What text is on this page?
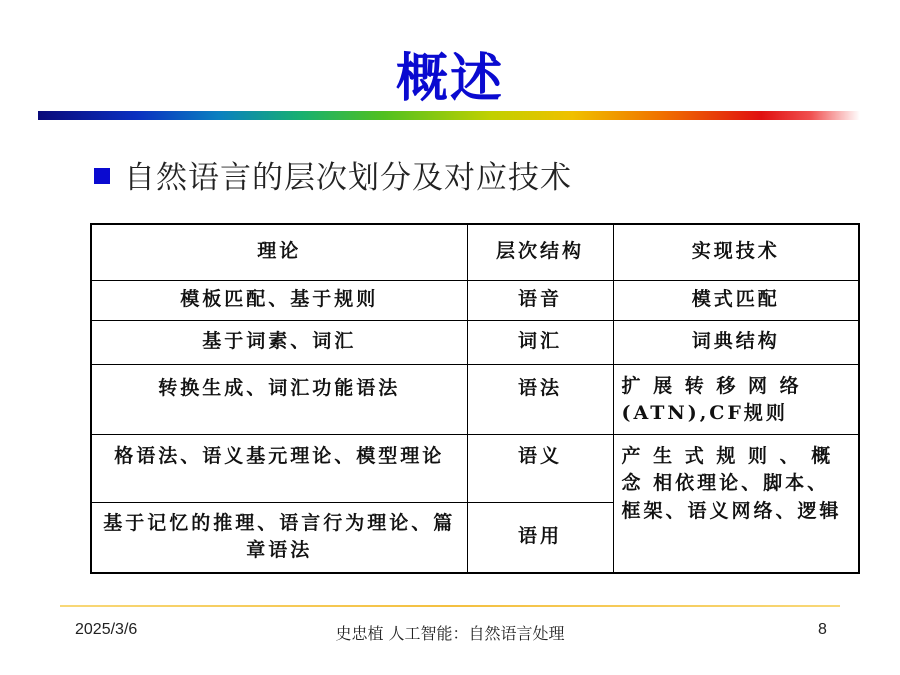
概述
自然语言的层次划分及对应技术
理论	层次结构	实现技术
模板匹配、基于规则	语音	模式匹配
基于词素、词汇	词汇	词典结构
转换生成、词汇功能语法	语法	扩 展 转 移 网 络 (ATN),CF规则
格语法、语义基元理论、模型理论	语义	产 生 式 规 则 、 概 念 相依理论、脚本、框架、语义网络、逻辑
基于记忆的推理、语言行为理论、篇章语法	语用	
2025/3/6	史忠植 人工智能：自然语言处理	8
